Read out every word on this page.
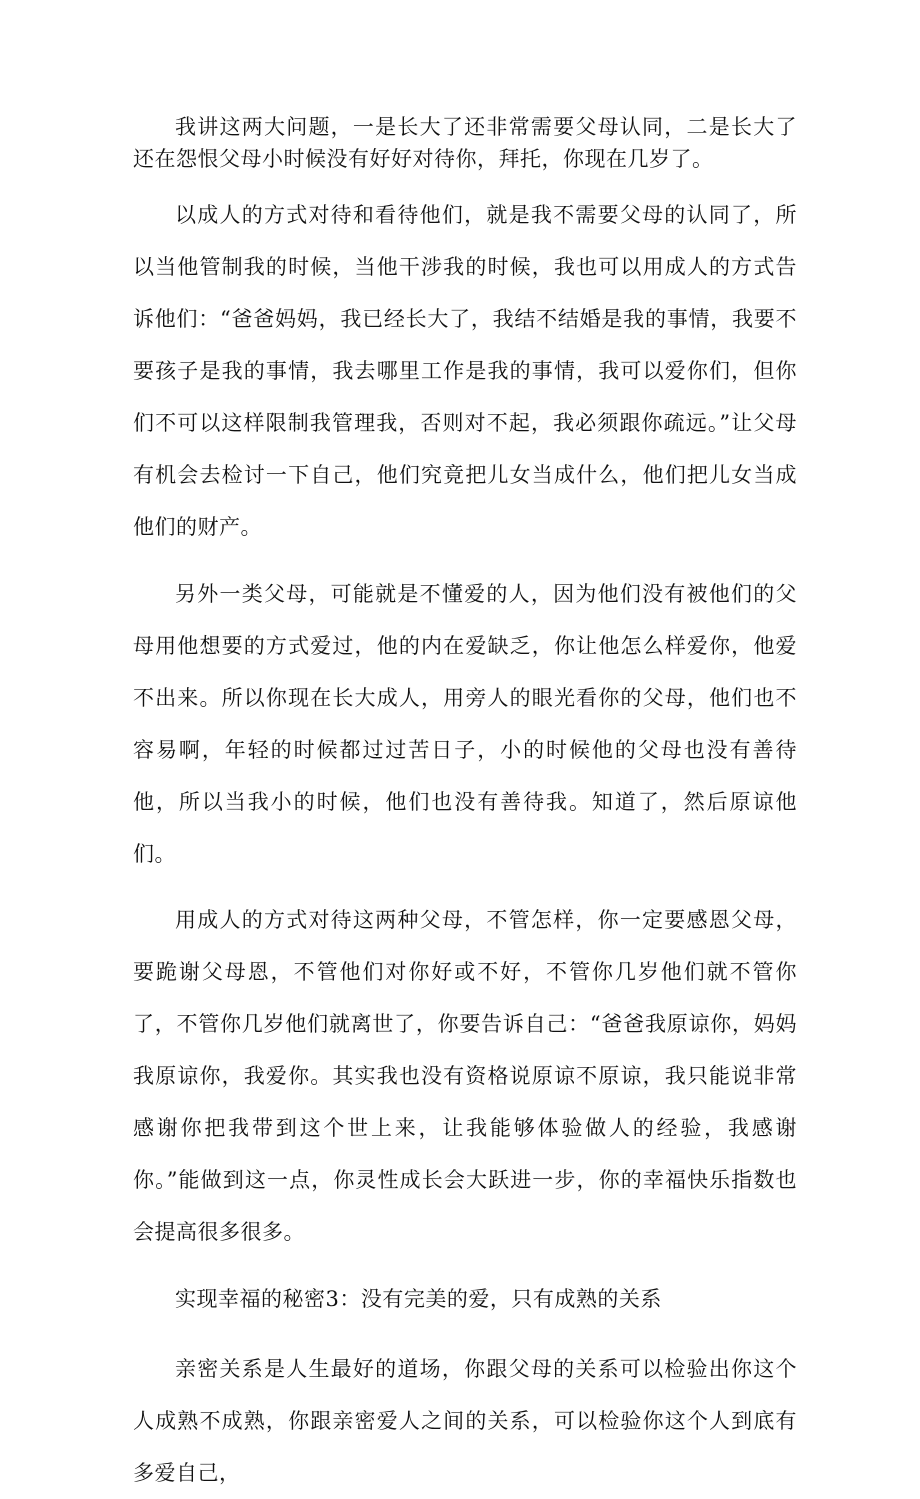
我讲这两大问题，一是长大了还非常需要父母认同，二是长大了还在怨恨父母小时候没有好好对待你，拜托，你现在几岁了。

以成人的方式对待和看待他们，就是我不需要父母的认同了，所以当他管制我的时候，当他干涉我的时候，我也可以用成人的方式告诉他们：“爸爸妈妈，我已经长大了，我结不结婚是我的事情，我要不要孩子是我的事情，我去哪里工作是我的事情，我可以爱你们，但你们不可以这样限制我管理我，否则对不起，我必须跟你疏远。”让父母有机会去检讨一下自己，他们究竟把儿女当成什么，他们把儿女当成他们的财产。

另外一类父母，可能就是不懂爱的人，因为他们没有被他们的父母用他想要的方式爱过，他的内在爱缺乏，你让他怎么样爱你，他爱不出来。所以你现在长大成人，用旁人的眼光看你的父母，他们也不容易啊，年轻的时候都过过苦日子，小的时候他的父母也没有善待他，所以当我小的时候，他们也没有善待我。知道了，然后原谅他们。

用成人的方式对待这两种父母，不管怎样，你一定要感恩父母，要跪谢父母恩，不管他们对你好或不好，不管你几岁他们就不管你了，不管你几岁他们就离世了，你要告诉自己：“爸爸我原谅你，妈妈我原谅你，我爱你。其实我也没有资格说原谅不原谅，我只能说非常感谢你把我带到这个世上来，让我能够体验做人的经验，我感谢你。”能做到这一点，你灵性成长会大跃进一步，你的幸福快乐指数也会提高很多很多。

实现幸福的秘密3：没有完美的爱，只有成熟的关系

亲密关系是人生最好的道场，你跟父母的关系可以检验出你这个人成熟不成熟，你跟亲密爱人之间的关系，可以检验你这个人到底有多爱自己，
